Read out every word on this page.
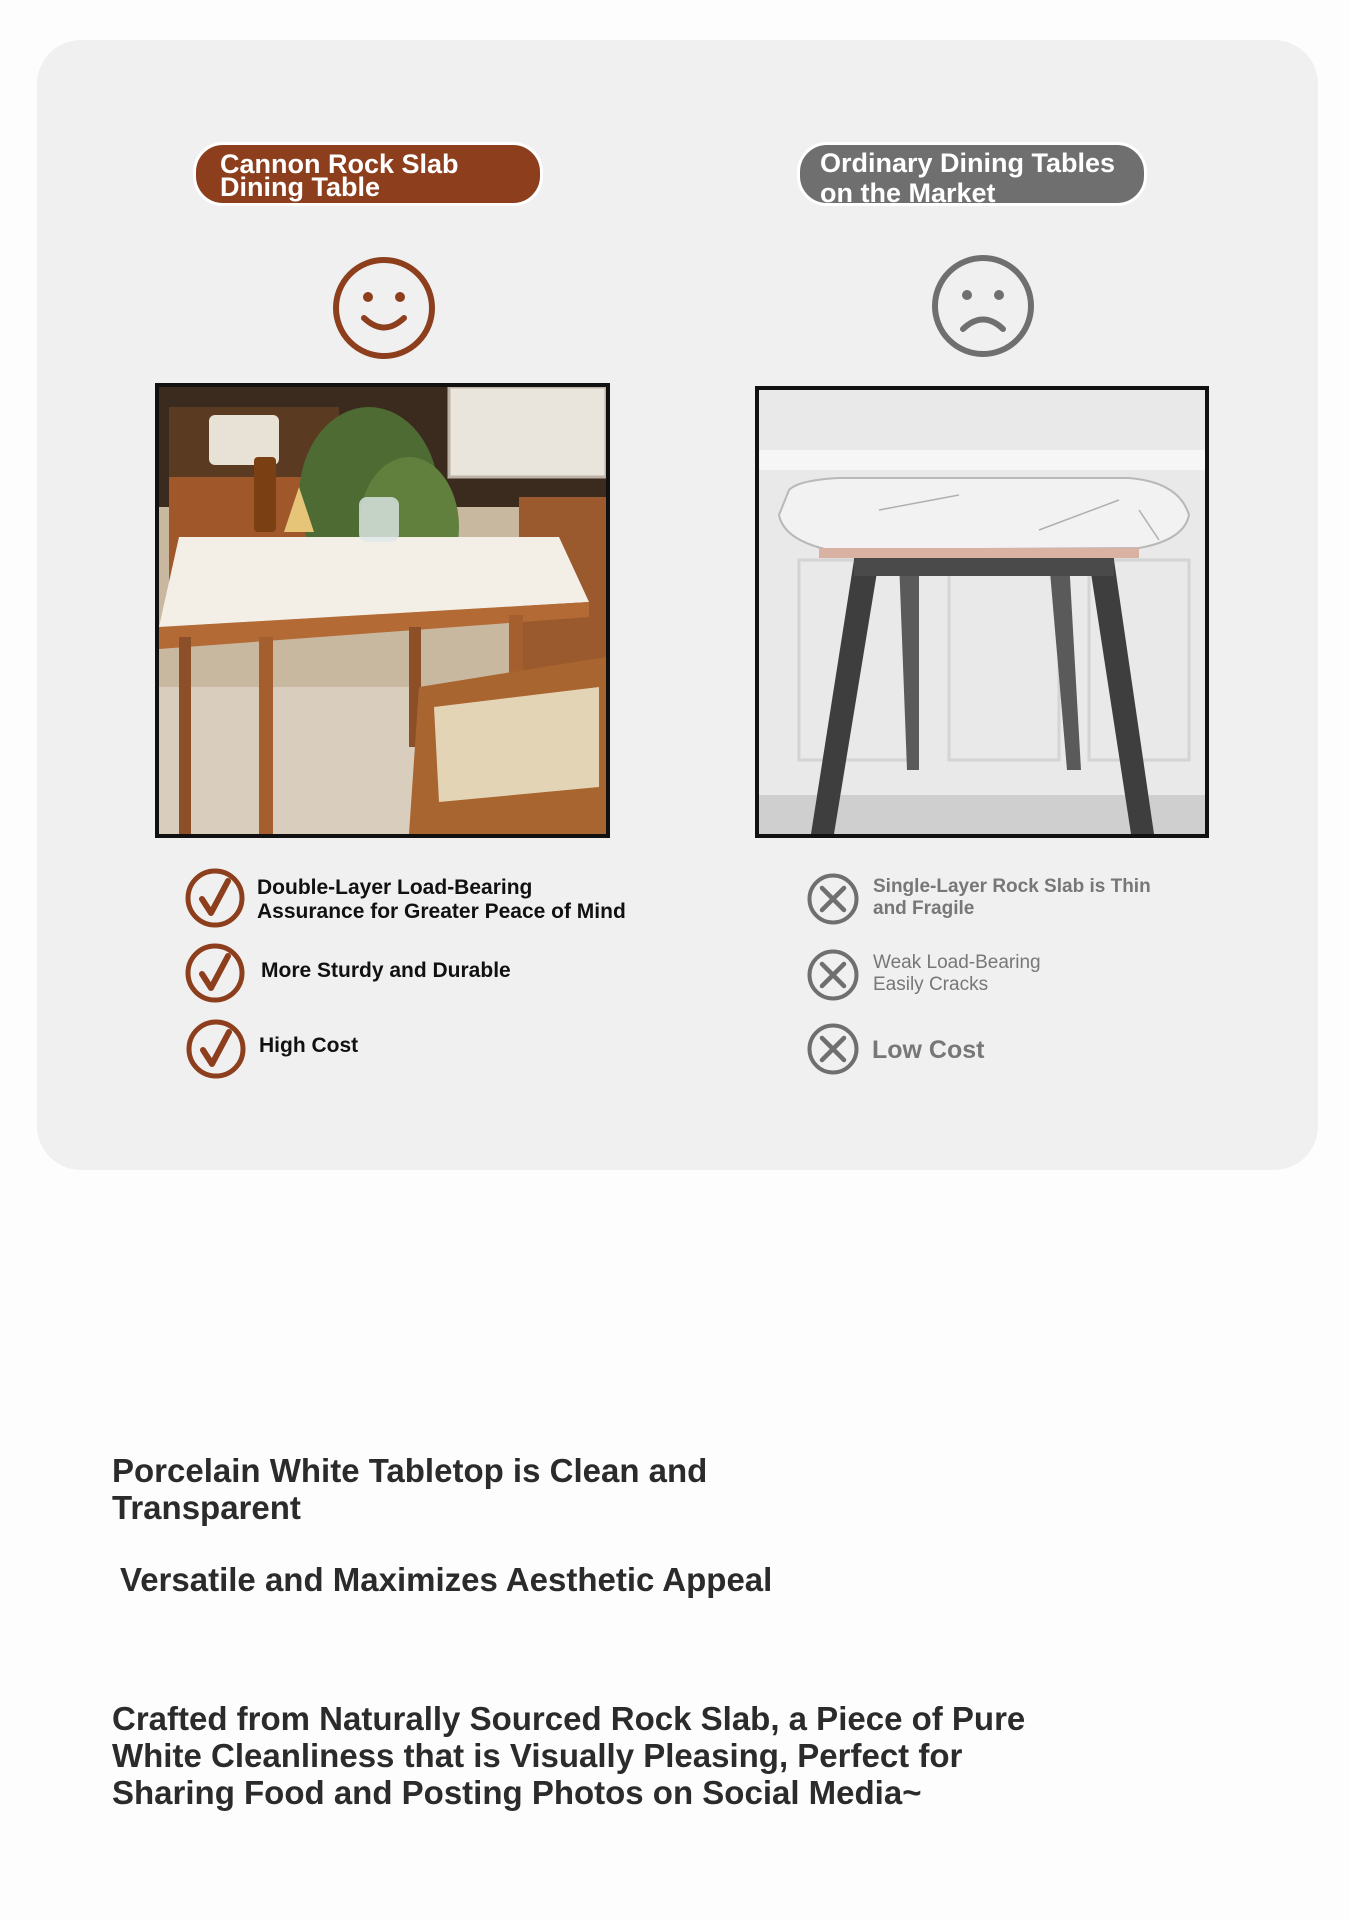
Cannon Rock Slab
Dining Table
Ordinary Dining Tables
on the Market
Double-Layer Load-Bearing
Assurance for Greater Peace of Mind
More Sturdy and Durable
High Cost
Single-Layer Rock Slab is Thin
and Fragile
Weak Load-Bearing
Easily Cracks
Low Cost
Porcelain White Tabletop is Clean and
Transparent
Versatile and Maximizes Aesthetic Appeal
Crafted from Naturally Sourced Rock Slab, a Piece of Pure
White Cleanliness that is Visually Pleasing, Perfect for
Sharing Food and Posting Photos on Social Media~
